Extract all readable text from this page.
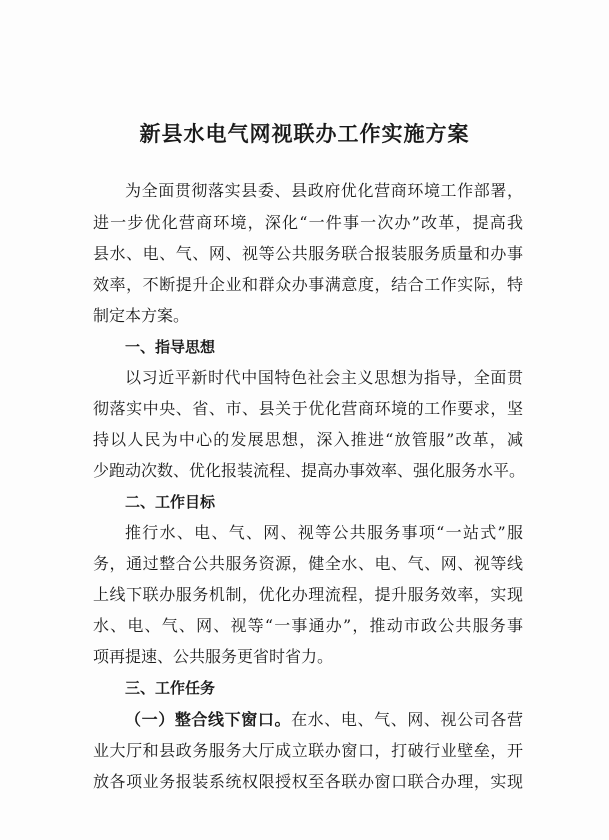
新县水电气网视联办工作实施方案
为全面贯彻落实县委、县政府优化营商环境工作部署，
进一步优化营商环境，深化“一件事一次办”改革，提高我
县水、电、气、网、视等公共服务联合报装服务质量和办事
效率，不断提升企业和群众办事满意度，结合工作实际，特
制定本方案。
一、指导思想
以习近平新时代中国特色社会主义思想为指导，全面贯
彻落实中央、省、市、县关于优化营商环境的工作要求，坚
持以人民为中心的发展思想，深入推进“放管服”改革，减
少跑动次数、优化报装流程、提高办事效率、强化服务水平。
二、工作目标
推行水、电、气、网、视等公共服务事项“一站式”服
务，通过整合公共服务资源，健全水、电、气、网、视等线
上线下联办服务机制，优化办理流程，提升服务效率，实现
水、电、气、网、视等“一事通办”，推动市政公共服务事
项再提速、公共服务更省时省力。
三、工作任务
（一）整合线下窗口。在水、电、气、网、视公司各营
业大厅和县政务服务大厅成立联办窗口，打破行业壁垒，开
放各项业务报装系统权限授权至各联办窗口联合办理，实现
